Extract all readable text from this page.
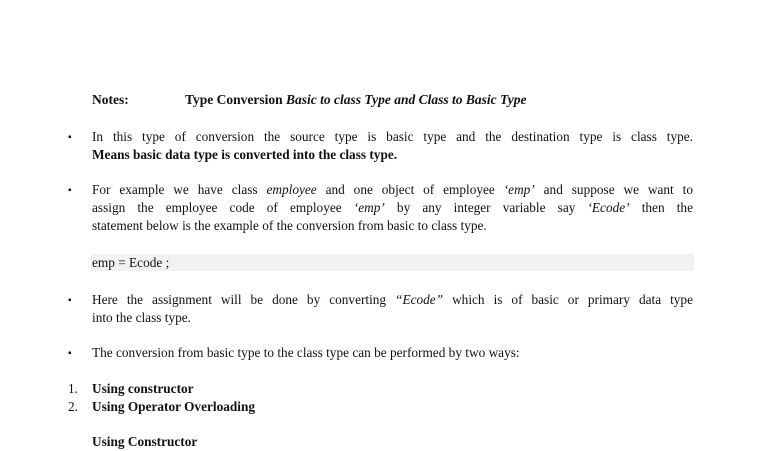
Notes:	Type Conversion Basic to class Type and Class to Basic Type
▪	In this type of conversion the source type is basic type and the destination type is class type.
Means basic data type is converted into the class type.
▪	For example we have class employee and one object of employee ‘emp’ and suppose we want to
assign the employee code of employee ‘emp’ by any integer variable say ‘Ecode’ then the
statement below is the example of the conversion from basic to class type.
emp = Ecode ;
▪	Here the assignment will be done by converting “Ecode” which is of basic or primary data type
into the class type.
▪	The conversion from basic type to the class type can be performed by two ways:
1. Using constructor
2. Using Operator Overloading
Using Constructor
